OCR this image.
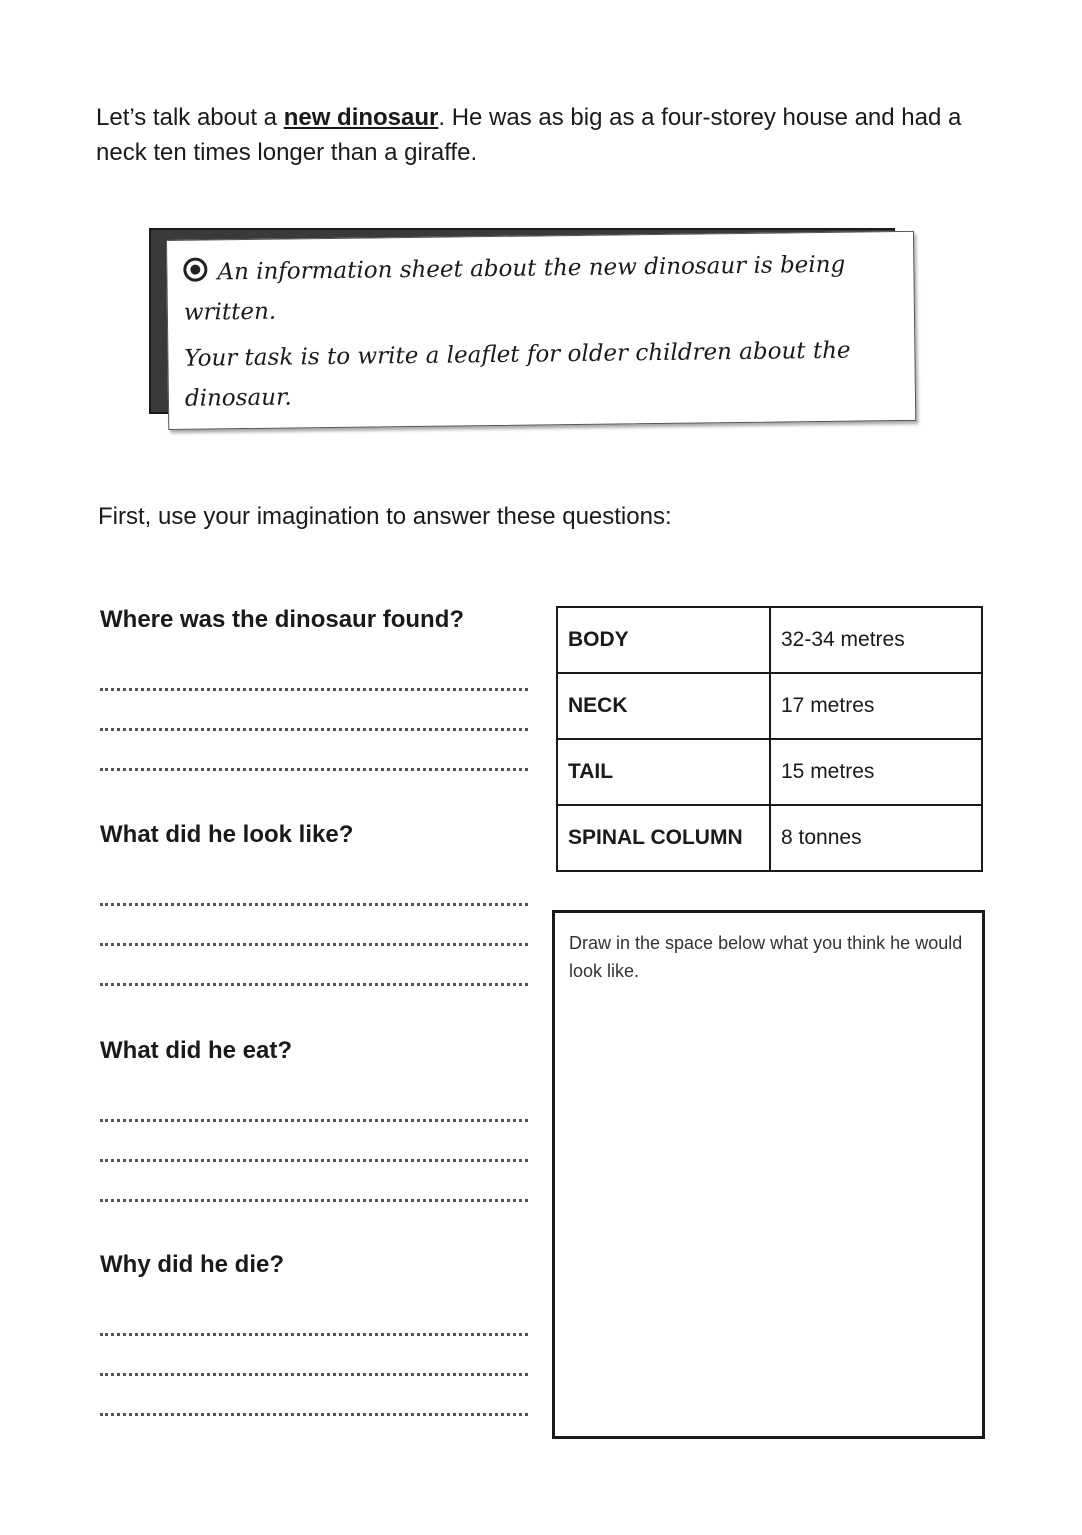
Let’s talk about a new dinosaur. He was as big as a four-storey house and had a neck ten times longer than a giraffe.

An information sheet about the new dinosaur is being written.

Your task is to write a leaflet for older children about the dinosaur.

First, use your imagination to answer these questions:

Where was the dinosaur found?
What did he look like?
What did he eat?
Why did he die?
BODY	32-34 metres
NECK	17 metres
TAIL	15 metres
SPINAL COLUMN	8 tonnes
Draw in the space below what you think he would look like.
